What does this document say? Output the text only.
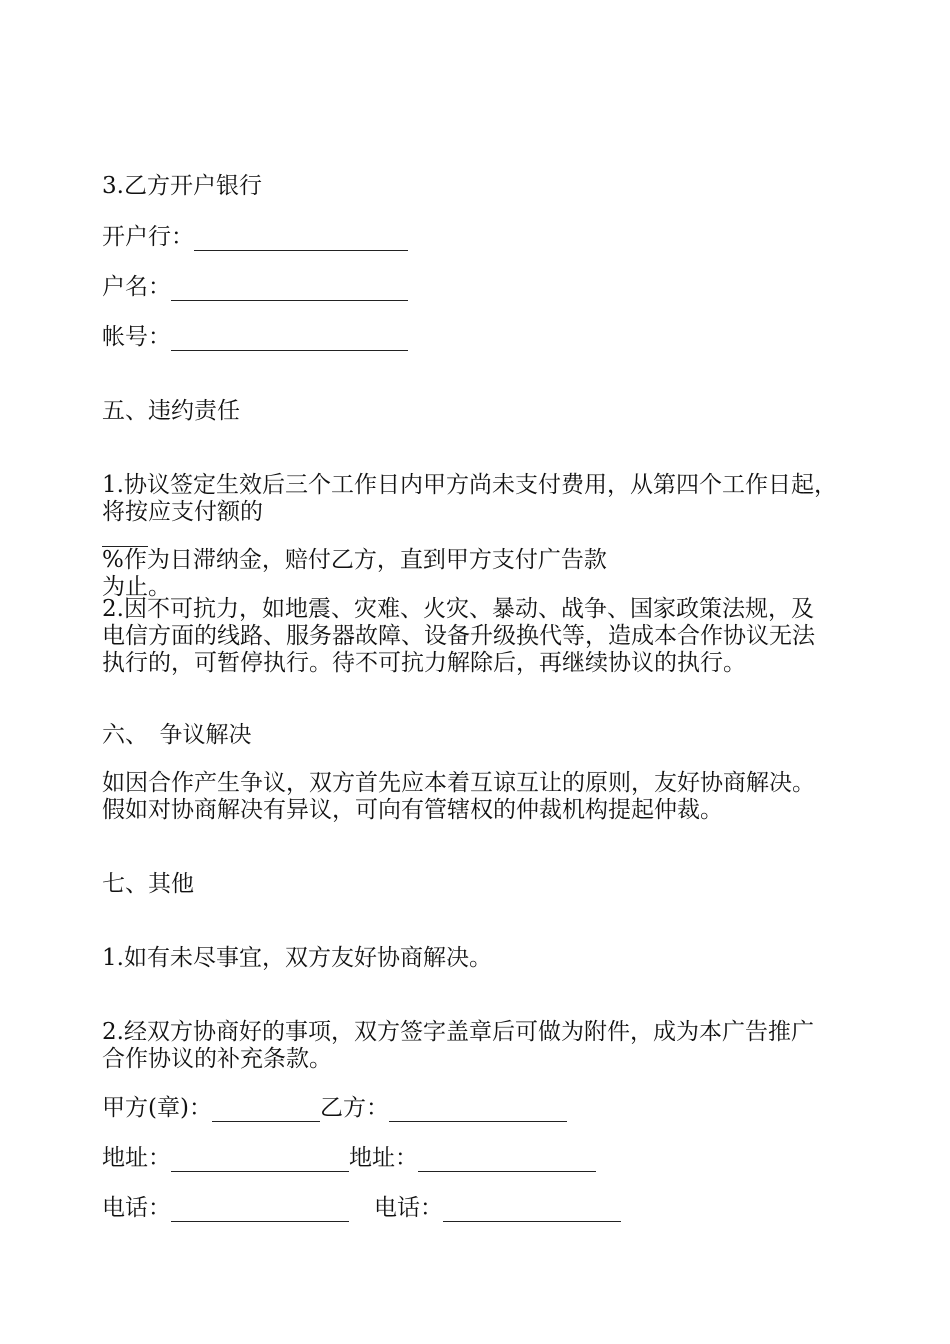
3.乙方开户银行

开户行：
户名：
帐号：

五、违约责任

1.协议签定生效后三个工作日内甲方尚未支付费用，从第四个工作日起，
将按应支付额的
%作为日滞纳金，赔付乙方，直到甲方支付广告款
为止。
2.因不可抗力，如地震、灾难、火灾、暴动、战争、国家政策法规，及
电信方面的线路、服务器故障、设备升级换代等，造成本合作协议无法
执行的，可暂停执行。待不可抗力解除后，再继续协议的执行。

六、　争议解决

如因合作产生争议，双方首先应本着互谅互让的原则，友好协商解决。
假如对协商解决有异议，可向有管辖权的仲裁机构提起仲裁。

七、其他

1.如有未尽事宜，双方友好协商解决。

2.经双方协商好的事项，双方签字盖章后可做为附件，成为本广告推广
合作协议的补充条款。
甲方(章)：	乙方：
地址：	地址：
电话：	电话：
